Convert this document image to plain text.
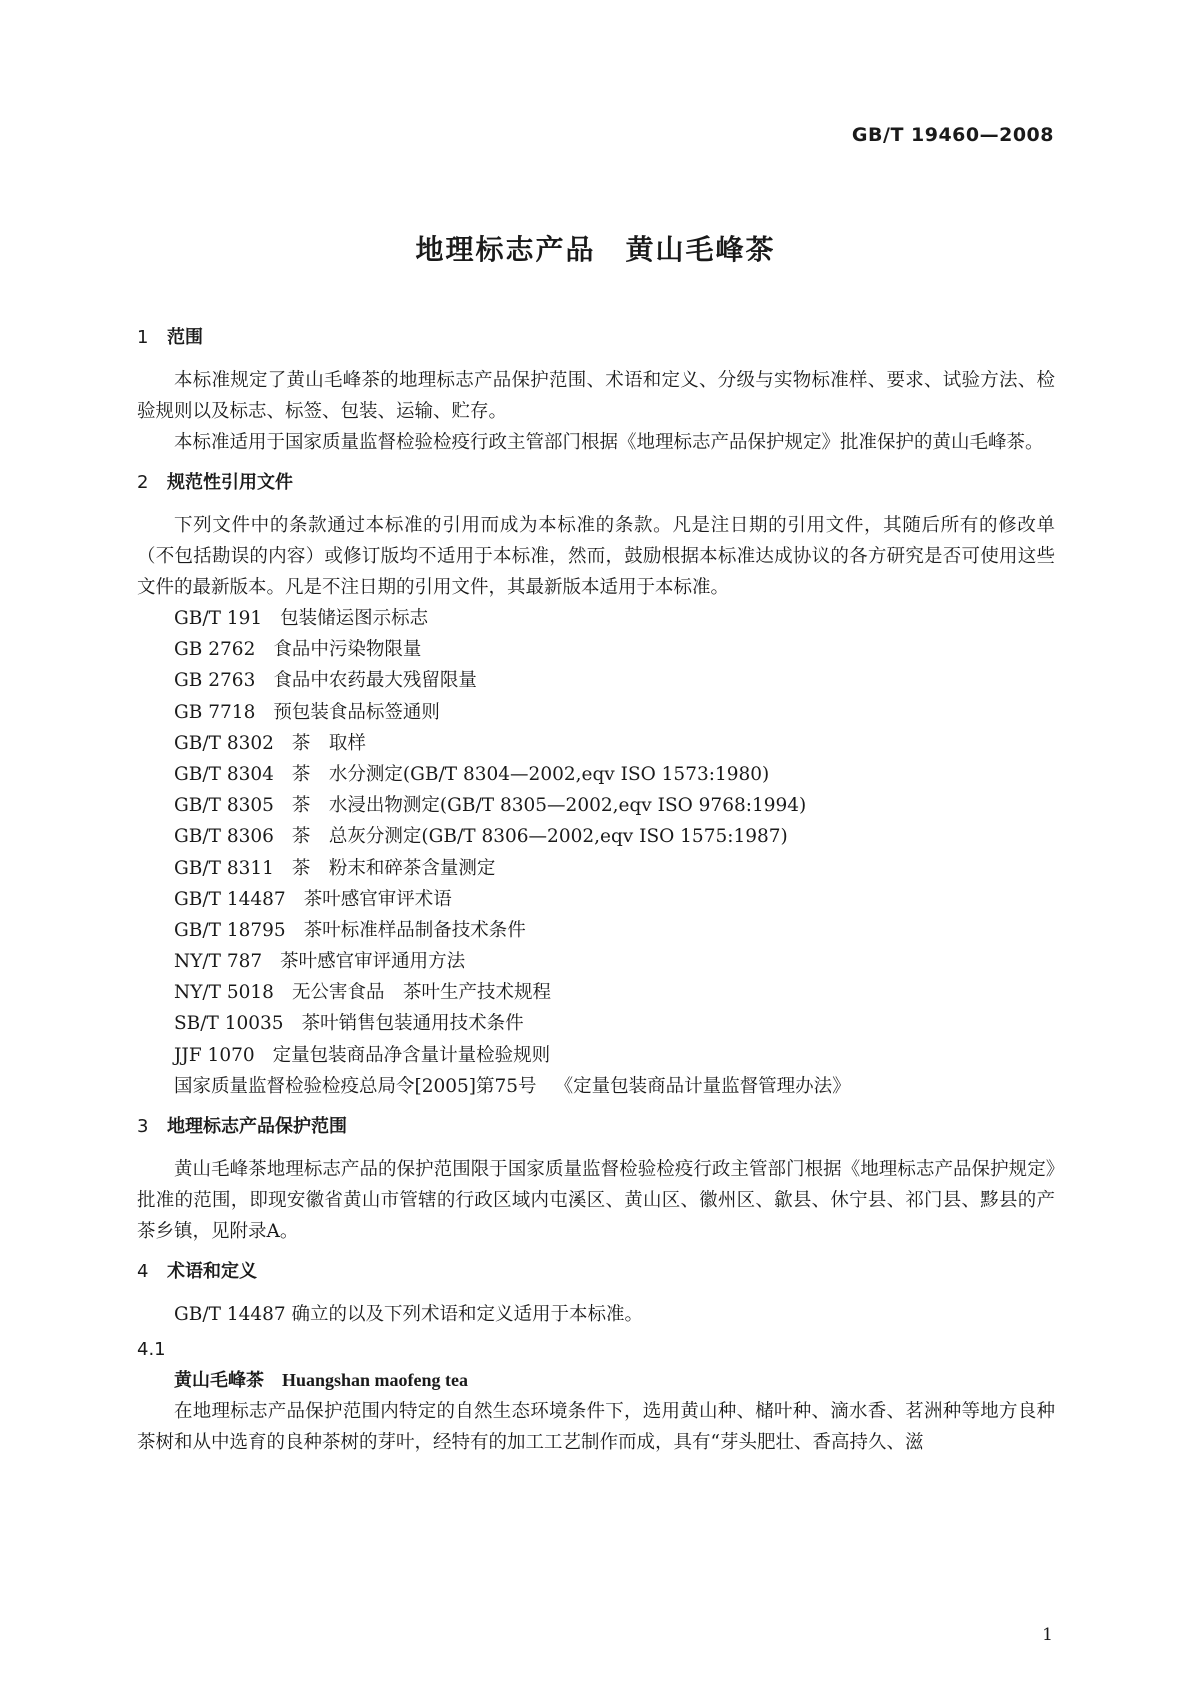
GB/T 19460—2008
地理标志产品　黄山毛峰茶
1 范围

本标准规定了黄山毛峰茶的地理标志产品保护范围、术语和定义、分级与实物标准样、要求、试验方法、检验规则以及标志、标签、包装、运输、贮存。

本标准适用于国家质量监督检验检疫行政主管部门根据《地理标志产品保护规定》批准保护的黄山毛峰茶。

2 规范性引用文件

下列文件中的条款通过本标准的引用而成为本标准的条款。凡是注日期的引用文件，其随后所有的修改单（不包括勘误的内容）或修订版均不适用于本标准，然而，鼓励根据本标准达成协议的各方研究是否可使用这些文件的最新版本。凡是不注日期的引用文件，其最新版本适用于本标准。

GB/T 191 包装储运图示标志
GB 2762 食品中污染物限量
GB 2763 食品中农药最大残留限量
GB 7718 预包装食品标签通则
GB/T 8302 茶　取样
GB/T 8304 茶　水分测定(GB/T 8304—2002,eqv ISO 1573:1980)
GB/T 8305 茶　水浸出物测定(GB/T 8305—2002,eqv ISO 9768:1994)
GB/T 8306 茶　总灰分测定(GB/T 8306—2002,eqv ISO 1575:1987)
GB/T 8311 茶　粉末和碎茶含量测定
GB/T 14487 茶叶感官审评术语
GB/T 18795 茶叶标准样品制备技术条件
NY/T 787 茶叶感官审评通用方法
NY/T 5018 无公害食品　茶叶生产技术规程
SB/T 10035 茶叶销售包装通用技术条件
JJF 1070 定量包装商品净含量计量检验规则
国家质量监督检验检疫总局令[2005]第75号 《定量包装商品计量监督管理办法》
3 地理标志产品保护范围

黄山毛峰茶地理标志产品的保护范围限于国家质量监督检验检疫行政主管部门根据《地理标志产品保护规定》批准的范围，即现安徽省黄山市管辖的行政区域内屯溪区、黄山区、徽州区、歙县、休宁县、祁门县、黟县的产茶乡镇，见附录A。

4 术语和定义

GB/T 14487 确立的以及下列术语和定义适用于本标准。

4.1
黄山毛峰茶 Huangshan maofeng tea

在地理标志产品保护范围内特定的自然生态环境条件下，选用黄山种、槠叶种、滴水香、茗洲种等地方良种茶树和从中选育的良种茶树的芽叶，经特有的加工工艺制作而成，具有“芽头肥壮、香高持久、滋

1
